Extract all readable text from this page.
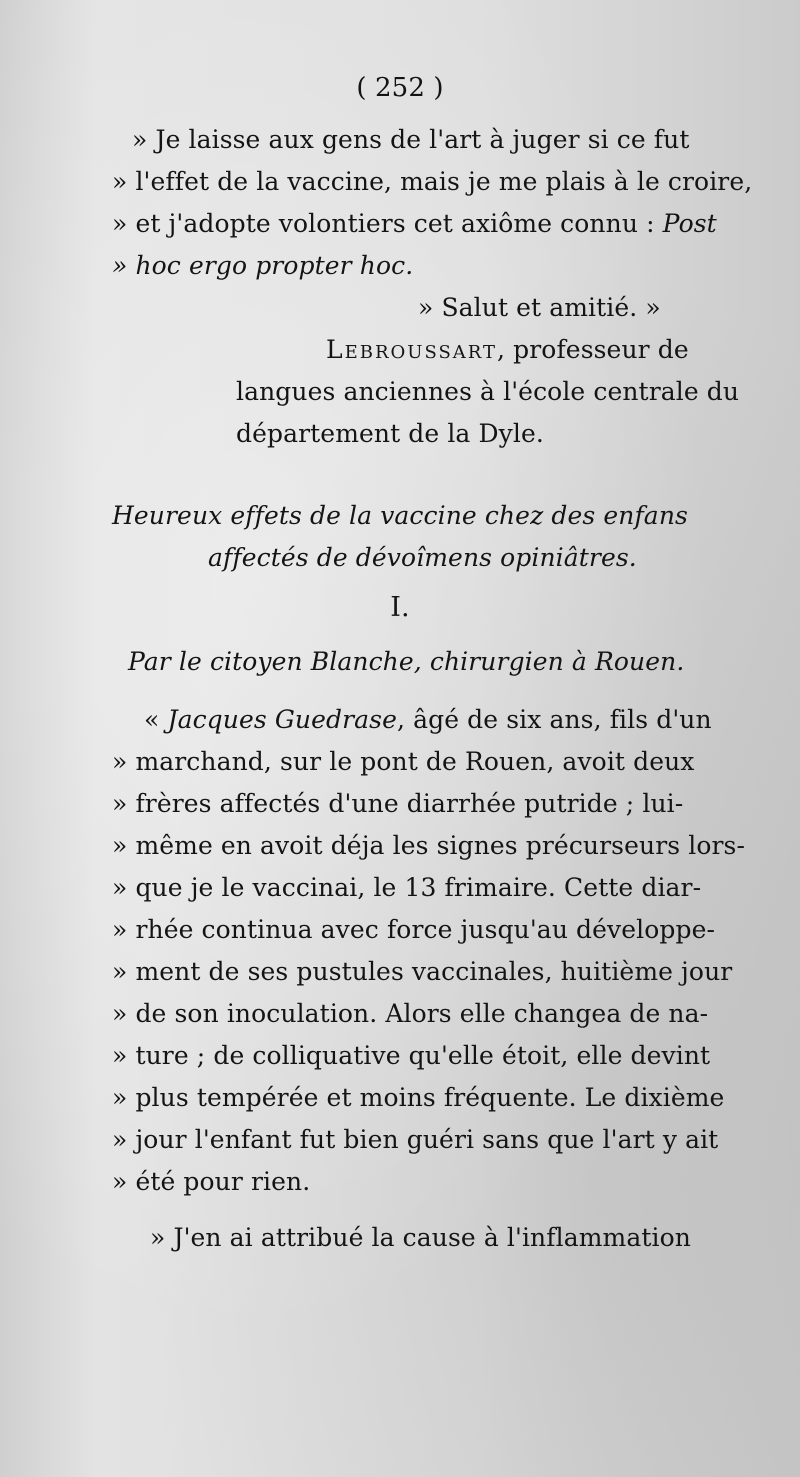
( 252 )
» Je laisse aux gens de l'art à juger si ce fut
» l'effet de la vaccine, mais je me plais à le croire,
» et j'adopte volontiers cet axiôme connu : Post
» hoc ergo propter hoc.
» Salut et amitié. »
Lebroussart, professeur de
langues anciennes à l'école centrale du
département de la Dyle.
Heureux effets de la vaccine chez des enfans
affectés de dévoîmens opiniâtres.
I.
Par le citoyen Blanche, chirurgien à Rouen.
« Jacques Guedrase, âgé de six ans, fils d'un
» marchand, sur le pont de Rouen, avoit deux
» frères affectés d'une diarrhée putride ; lui-
» même en avoit déja les signes précurseurs lors-
» que je le vaccinai, le 13 frimaire. Cette diar-
» rhée continua avec force jusqu'au développe-
» ment de ses pustules vaccinales, huitième jour
» de son inoculation. Alors elle changea de na-
» ture ; de colliquative qu'elle étoit, elle devint
» plus tempérée et moins fréquente. Le dixième
» jour l'enfant fut bien guéri sans que l'art y ait
» été pour rien.
» J'en ai attribué la cause à l'inflammation
